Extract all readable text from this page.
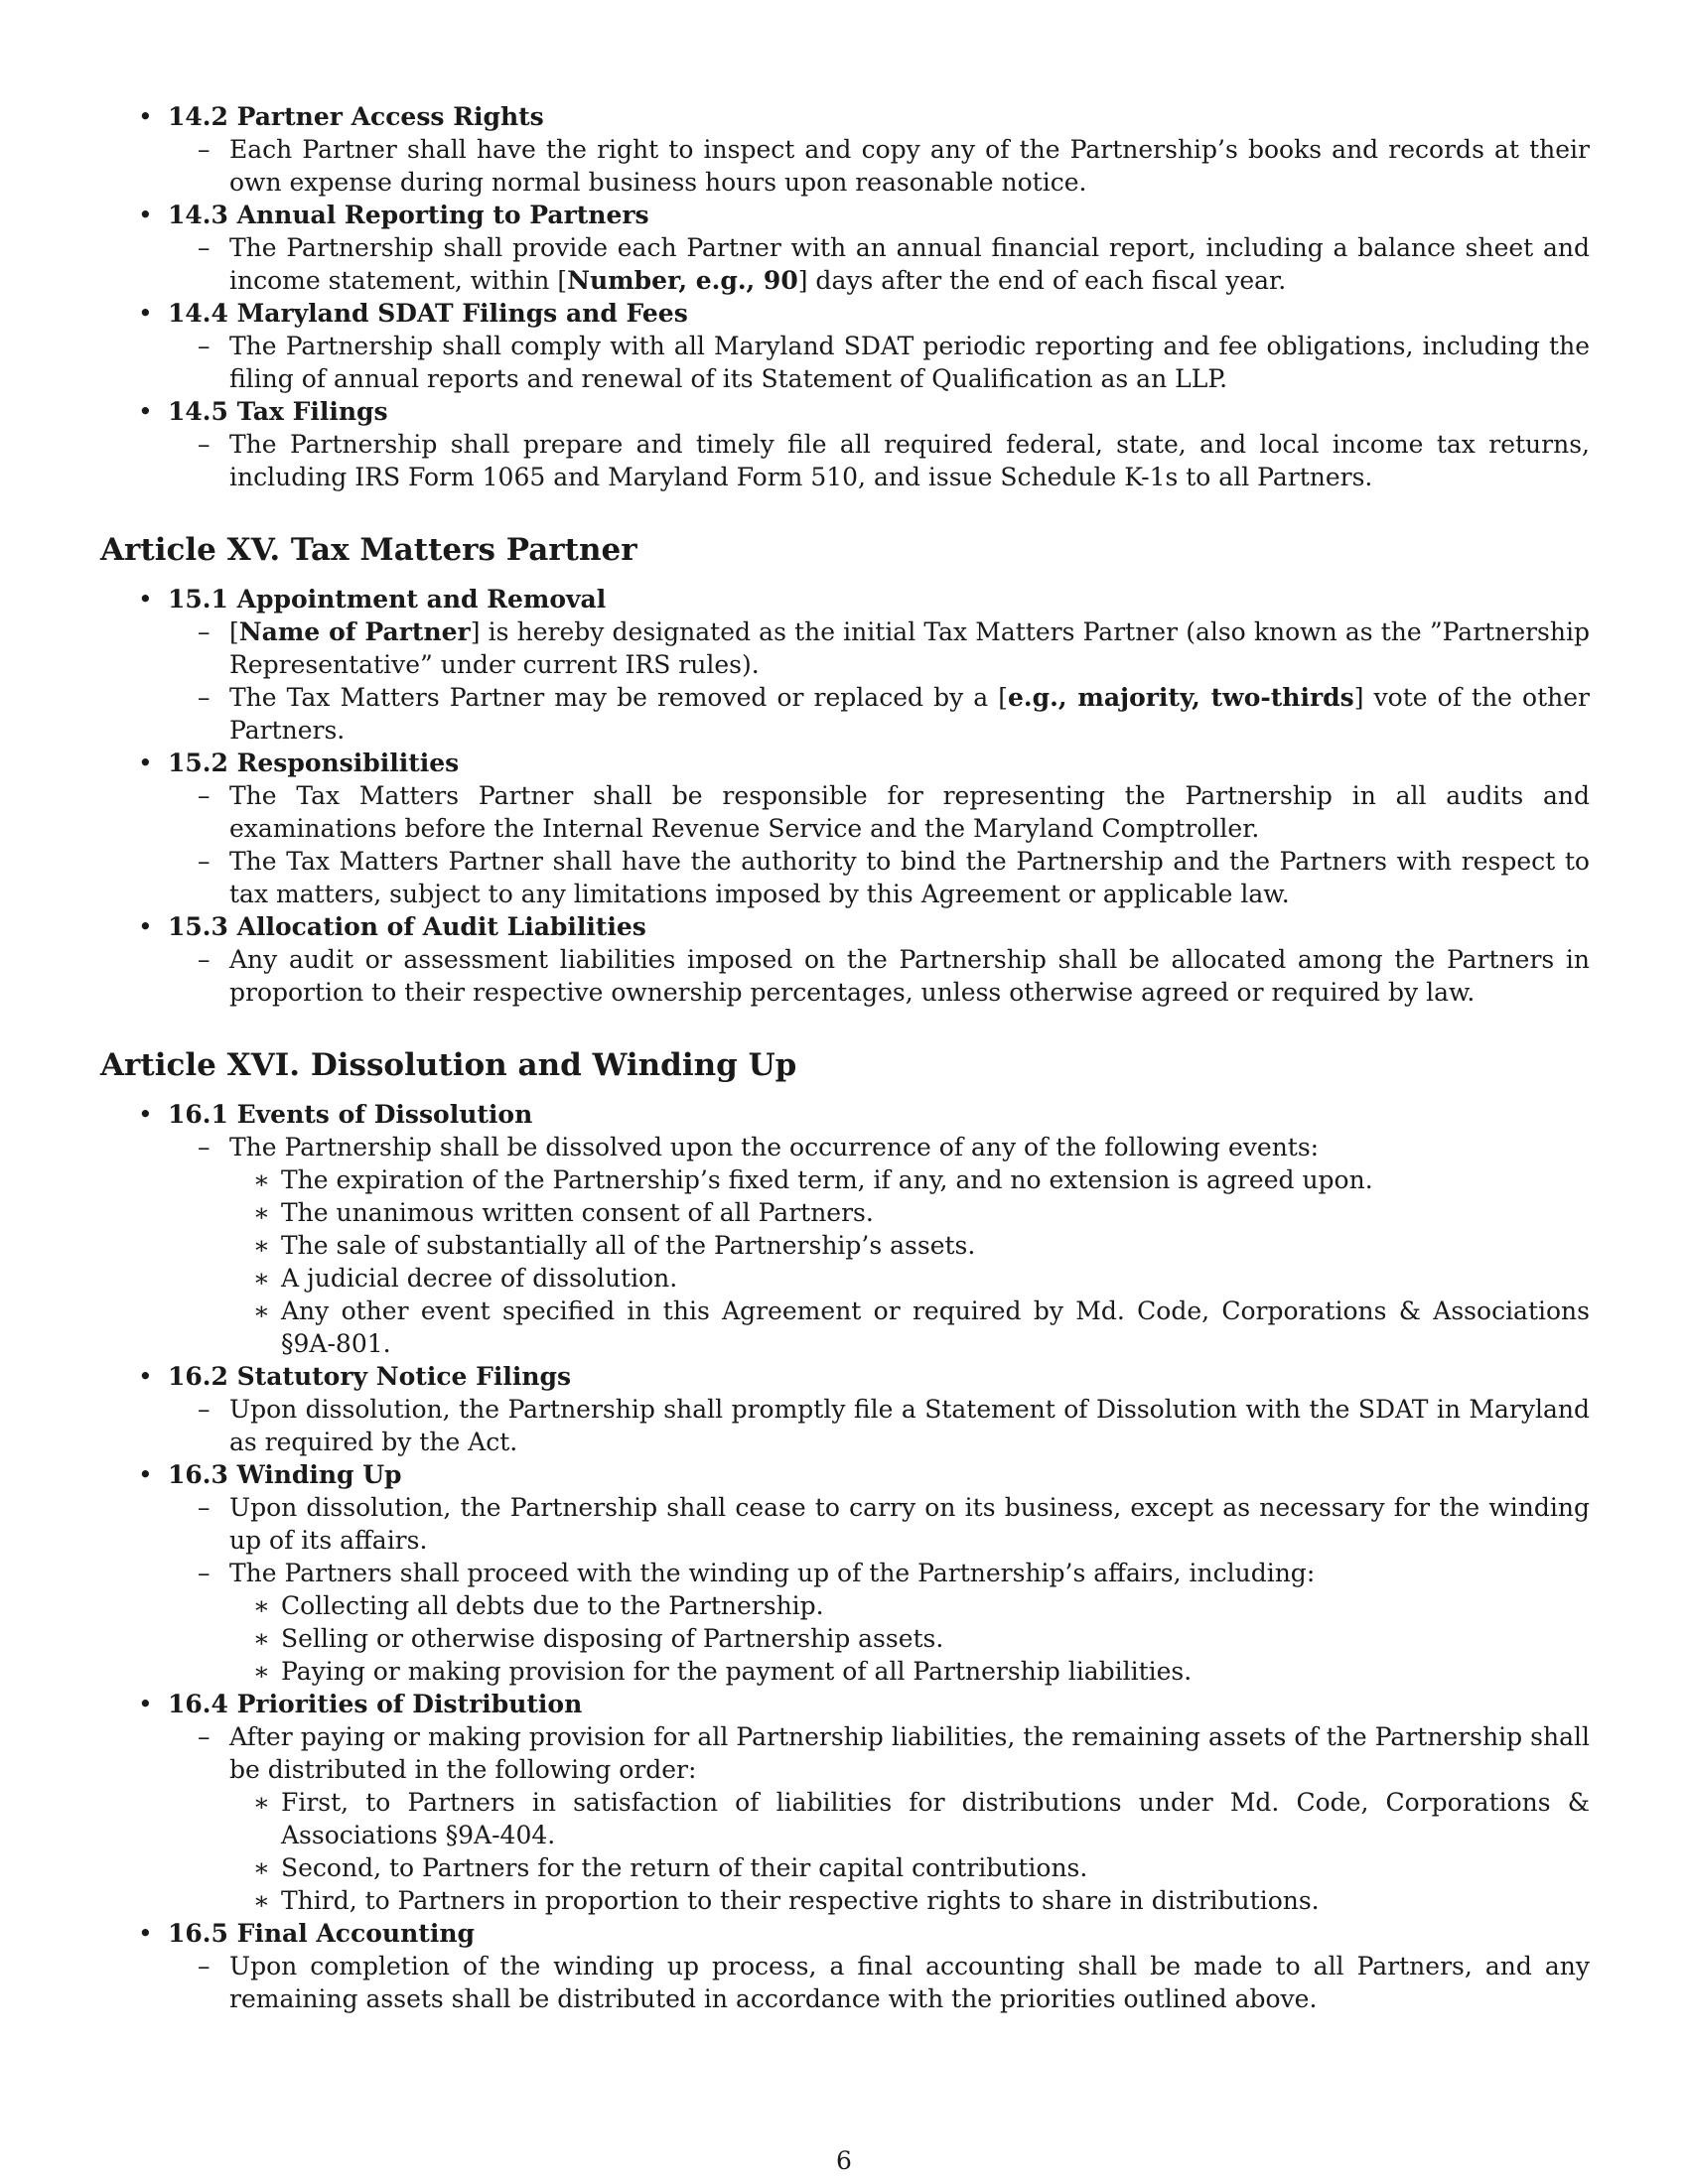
• 14.2 Partner Access Rights
– Each Partner shall have the right to inspect and copy any of the Partnership’s books and records at their own expense during normal business hours upon reasonable notice.
• 14.3 Annual Reporting to Partners
– The Partnership shall provide each Partner with an annual financial report, including a balance sheet and income statement, within [Number, e.g., 90] days after the end of each fiscal year.
• 14.4 Maryland SDAT Filings and Fees
– The Partnership shall comply with all Maryland SDAT periodic reporting and fee obligations, including the filing of annual reports and renewal of its Statement of Qualification as an LLP.
• 14.5 Tax Filings
– The Partnership shall prepare and timely file all required federal, state, and local income tax returns, including IRS Form 1065 and Maryland Form 510, and issue Schedule K-1s to all Partners.
Article XV. Tax Matters Partner
• 15.1 Appointment and Removal
– [Name of Partner] is hereby designated as the initial Tax Matters Partner (also known as the ”Partnership Representative” under current IRS rules).
– The Tax Matters Partner may be removed or replaced by a [e.g., majority, two-thirds] vote of the other Partners.
• 15.2 Responsibilities
– The Tax Matters Partner shall be responsible for representing the Partnership in all audits and examinations before the Internal Revenue Service and the Maryland Comptroller.
– The Tax Matters Partner shall have the authority to bind the Partnership and the Partners with respect to tax matters, subject to any limitations imposed by this Agreement or applicable law.
• 15.3 Allocation of Audit Liabilities
– Any audit or assessment liabilities imposed on the Partnership shall be allocated among the Partners in proportion to their respective ownership percentages, unless otherwise agreed or required by law.
Article XVI. Dissolution and Winding Up
• 16.1 Events of Dissolution
– The Partnership shall be dissolved upon the occurrence of any of the following events:
∗ The expiration of the Partnership’s fixed term, if any, and no extension is agreed upon.
∗ The unanimous written consent of all Partners.
∗ The sale of substantially all of the Partnership’s assets.
∗ A judicial decree of dissolution.
∗ Any other event specified in this Agreement or required by Md. Code, Corporations & Associations §9A-801.
• 16.2 Statutory Notice Filings
– Upon dissolution, the Partnership shall promptly file a Statement of Dissolution with the SDAT in Maryland as required by the Act.
• 16.3 Winding Up
– Upon dissolution, the Partnership shall cease to carry on its business, except as necessary for the winding up of its affairs.
– The Partners shall proceed with the winding up of the Partnership’s affairs, including:
∗ Collecting all debts due to the Partnership.
∗ Selling or otherwise disposing of Partnership assets.
∗ Paying or making provision for the payment of all Partnership liabilities.
• 16.4 Priorities of Distribution
– After paying or making provision for all Partnership liabilities, the remaining assets of the Partnership shall be distributed in the following order:
∗ First, to Partners in satisfaction of liabilities for distributions under Md. Code, Corporations & Associations §9A-404.
∗ Second, to Partners for the return of their capital contributions.
∗ Third, to Partners in proportion to their respective rights to share in distributions.
• 16.5 Final Accounting
– Upon completion of the winding up process, a final accounting shall be made to all Partners, and any remaining assets shall be distributed in accordance with the priorities outlined above.
6
